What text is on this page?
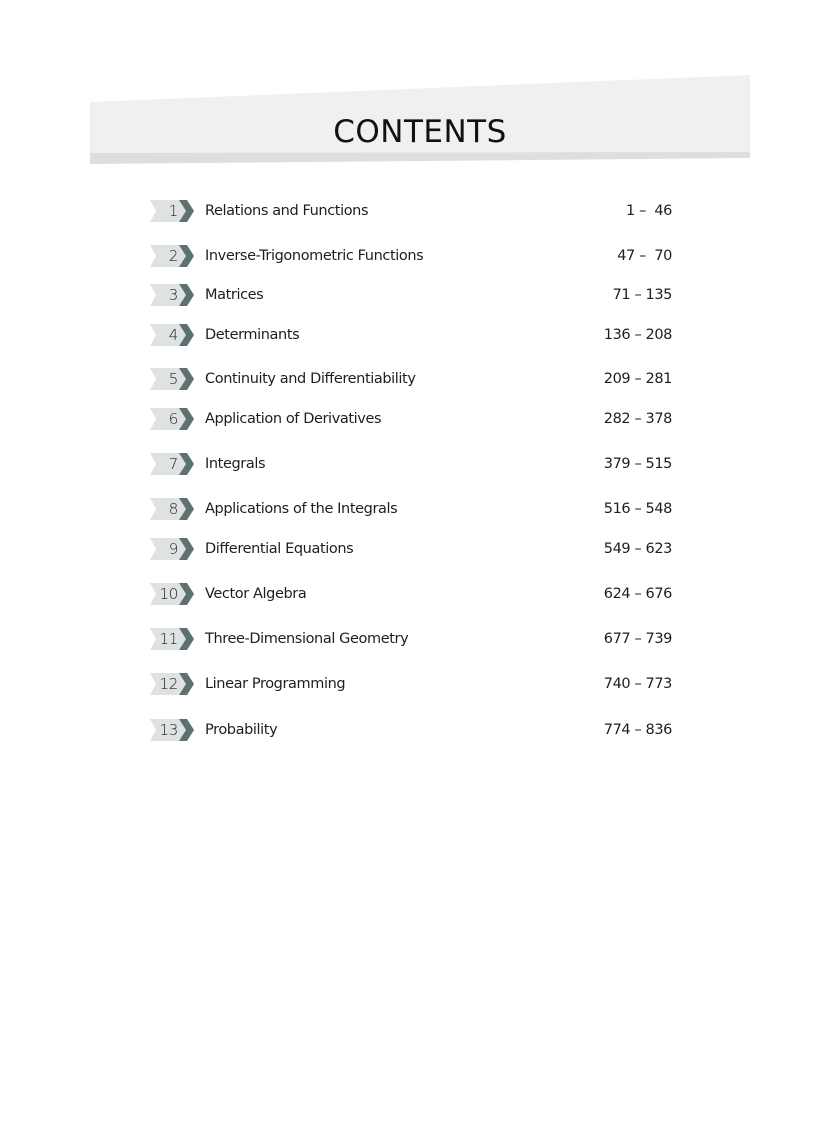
CONTENTS
1 Relations and Functions	1 –  46
2 Inverse-Trigonometric Functions	47 –  70
3 Matrices	71 – 135
4 Determinants	136 – 208
5 Continuity and Differentiability	209 – 281
6 Application of Derivatives	282 – 378
7 Integrals	379 – 515
8 Applications of the Integrals	516 – 548
9 Differential Equations	549 – 623
10 Vector Algebra	624 – 676
11 Three-Dimensional Geometry	677 – 739
12 Linear Programming	740 – 773
13 Probability	774 – 836
